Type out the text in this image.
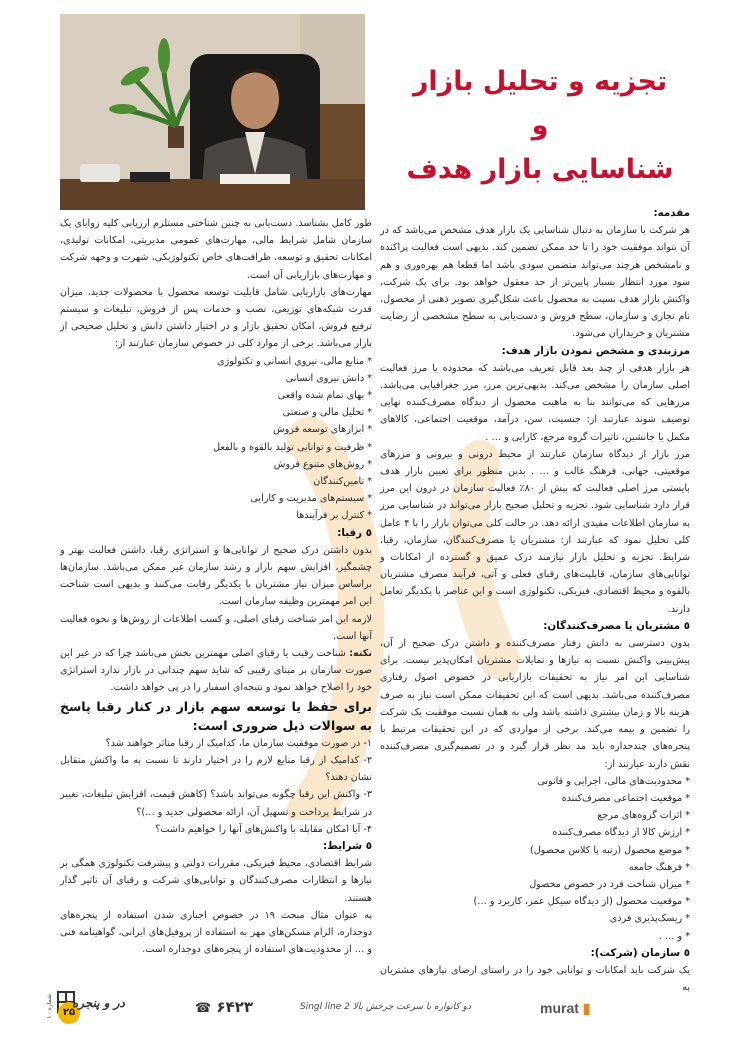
تجزیه و تحلیل بازار
و
شناسایی بازار هدف
مقدمه:

هر شرکت یا سازمان به دنبال شناسایی یک بازار هدف مشخص می‌باشد که در آن بتواند موفقیت خود را تا حد ممکن تضمین کند. بدیهی است فعالیت پراکنده و نامشخص هرچند می‌تواند متضمن سودی باشد اما قطعا هم بهره‌وری و هم سود مورد انتظار بسیار پایین‌تر از حد معقول خواهد بود. برای یک شرکت، واکنش بازار هدف نسبت به محصول باعث شکل‌گیری تصویر ذهنی از محصول، نام تجاری و سازمان، سطح فروش و دست‌یابی به سطح مشخصی از رضایت مشتریان و خریداران می‌شود.

مرزبندی و مشخص نمودن بازار هدف:

هر بازار هدفی از چند بعد قابل تعریف می‌باشد که محدوده یا مرز فعالیت اصلی سازمان را مشخص می‌کند. بدیهی‌ترین مرز، مرز جغرافیایی می‌باشد. مرزهایی که می‌توانند بنا به ماهیت محصول از دیدگاه مصرف‌کننده نهایی توصیف شوند عبارتند از: جنسیت، سن، درآمد، موقعیت اجتماعی، کالاهای مکمل یا جانشین، تاثیرات گروه مرجع، کارایی و … .

مرز بازار از دیدگاه سازمان عبارتند از محیط درونی و بیرونی و مرزهای موقعیتی، جهانی، فرهنگ غالب و … . بدین منظور برای تعیین بازار هدف بایستی مرز اصلی فعالیت که بیش از ۸۰٪ فعالیت سازمان در درون این مرز قرار دارد شناسایی شود. تجزیه و تحلیل صحیح بازار می‌تواند در شناسایی مرز به سازمان اطلاعات مفیدی ارائه دهد. در حالت کلی می‌توان بازار را با ۴ عامل کلی تحلیل نمود که عبارتند از: مشتریان یا مصرف‌کنندگان، سازمان، رقبا، شرایط. تجزیه و تحلیل بازار نیازمند درک عمیق و گسترده از امکانات و توانایی‌های سازمان، قابلیت‌های رقبای فعلی و آتی، فرآیند مصرف مشتریان بالقوه و محیط اقتصادی، فیزیکی، تکنولوژی است و این عناصر با یکدیگر تعامل دارند.

٥ مشتریان یا مصرف‌کنندگان:

بدون دسترسی به دانش رفتار مصرف‌کننده و داشتن درک صحیح از آن، پیش‌بینی واکنش نسبت به نیازها و تمایلات مشتریان امکان‌پذیر نیست. برای شناسایی این امر نیاز به تحقیقات بازاریابی در خصوص اصول رفتاری مصرف‌کننده می‌باشد. بدیهی است که این تحقیقات ممکن است نیاز به صرف هزینه بالا و زمان بیشتری داشته باشد ولی به همان نسبت موفقیت یک شرکت را تضمین و بیمه می‌کند. برخی از مواردی که در این تحقیقات مرتبط با پنجره‌های چندجداره باید مد نظر قرار گیرد و در تصمیم‌گیری مصرف‌کننده نقش دارند عبارتند از:

* محدودیت‌های مالی، اجرایی و قانونی
* موقعیت اجتماعی مصرف‌کننده
* اثرات گروه‌های مرجع
* ارزش کالا از دیدگاه مصرف‌کننده
* موضع محصول (رتبه یا کلاس محصول)
* فرهنگ جامعه
* میزان شناخت فرد در خصوص محصول
* موقعیت محصول (از دیدگاه سیکل عمر، کاربرد و …)
* ریسک‌پذیری فردی
* و … .
٥ سازمان (شرکت):

یک شرکت باید امکانات و توانایی خود را در راستای ارضای نیازهای مشتریان به

طور کامل بشناسد. دست‌یابی به چنین شناختی مستلزم ارزیابی کلیه زوایای یک سازمان شامل شرایط مالی، مهارت‌های عمومی مدیریتی، امکانات تولیدی، امکانات تحقیق و توسعه، ظرافت‌های خاص تکنولوژیکی، شهرت و وجهه شرکت و مهارت‌های بازاریابی آن است.

مهارت‌های بازاریابی شامل قابلیت توسعه محصول با محصولات جدید، میزان قدرت شبکه‌های توزیعی، نصب و خدمات پس از فروش، تبلیغات و سیستم ترفیع فروش، امکان تحقیق بازار و در اختیار داشتن دانش و تحلیل صحیحی از بازار می‌باشد. برخی از موارد کلی در خصوص سازمان عبارتند از:

* منابع مالی، نیروی انسانی و تکنولوژی
* دانش نیروی انسانی
* بهای تمام شده واقعی
* تحلیل مالی و صنعتی
* ابزارهای توسعه فروش
* ظرفیت و توانایی تولید بالقوه و بالفعل
* روش‌های متنوع فروش
* تامین‌کنندگان
* سیستم‌های مدیریت و کارایی
* کنترل بر فرآیندها
٥ رقبا:

بدون داشتن درک صحیح از توانایی‌ها و استراتژی رقبا، داشتن فعالیت بهتر و چشمگیر، افزایش سهم بازار و رشد سازمان غیر ممکن می‌باشد. سازمان‌ها براساس میزان نیاز مشتریان با یکدیگر رقابت می‌کنند و بدیهی است شناخت این امر مهمترین وظیفه سازمان است.

لازمه این امر شناخت رقبای اصلی، و کسب اطلاعات از روش‌ها و نحوه فعالیت آنها است.

نکته: شناخت رقیب یا رقبای اصلی مهمترین بخش می‌باشد چرا که در غیر این صورت سازمان بر مبنای رقیبی که شاید سهم چندانی در بازار ندارد استراتژی خود را اصلاح خواهد نمود و نتیجه‌ای اسفبار را در پی خواهد داشت.

برای حفظ یا توسعه سهم بازار در کنار رقبا پاسخ به سوالات ذیل ضروری است:
۱- در صورت موفقیت سازمان ما، کدامیک از رقبا متاثر خواهند شد؟
۲- کدامیک از رقبا منابع لازم را در اختیار دارند تا نسبت به ما واکنش متقابل نشان دهند؟
۳- واکنش این رقبا چگونه می‌تواند باشد؟ (کاهش قیمت، افزایش تبلیغات، تغییر در شرایط پرداخت و تسهیل آن، ارائه محصولی جدید و …)؟
۴- آیا امکان مقابله با واکنش‌های آنها را خواهیم داشت؟
٥ شرایط:

شرایط اقتصادی، محیط فیزیکی، مقررات دولتی و پیشرفت تکنولوژی همگی بر نیازها و انتظارات مصرف‌کنندگان و توانایی‌های شرکت و رقبای آن تاثیر گذار هستند.

به عنوان مثال مبحث ۱۹ در خصوص اجباری شدن استفاده از پنجره‌های دوجداره، الزام مسکن‌های مهر به استفاده از پروفیل‌های ایرانی، گواهینامه فنی و … از محدودیت‌های استفاده از پنجره‌های دوجداره است.

murat ▮
Singl line 2 دو کانواره با سرعت چرخش بالا
☎ ۶۴۲۳
شماره ۱۰
۲۵
در و پنجره
